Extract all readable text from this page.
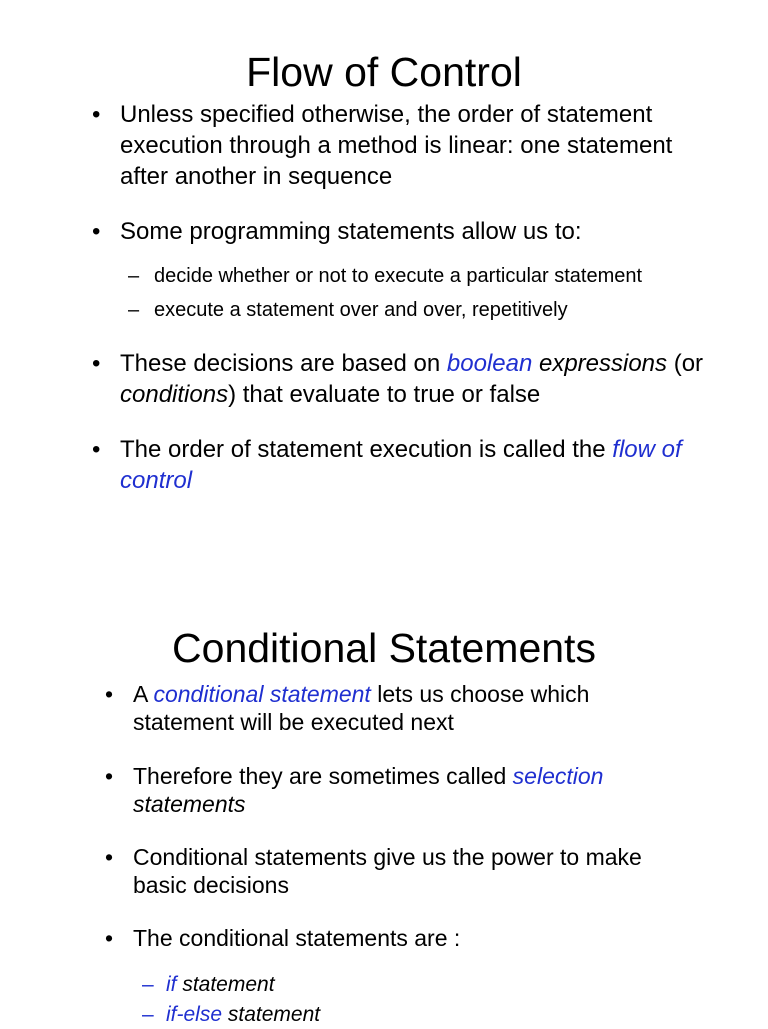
Flow of Control
• Unless specified otherwise, the order of statement
execution through a method is linear: one statement
after another in sequence
• Some programming statements allow us to:
– decide whether or not to execute a particular statement
– execute a statement over and over, repetitively
• These decisions are based on boolean expressions (or
conditions) that evaluate to true or false
• The order of statement execution is called the flow of
control
Conditional Statements
• A conditional statement lets us choose which
statement will be executed next
• Therefore they are sometimes called selection
statements
• Conditional statements give us the power to make
basic decisions
• The conditional statements are :
– if statement
– if-else statement
